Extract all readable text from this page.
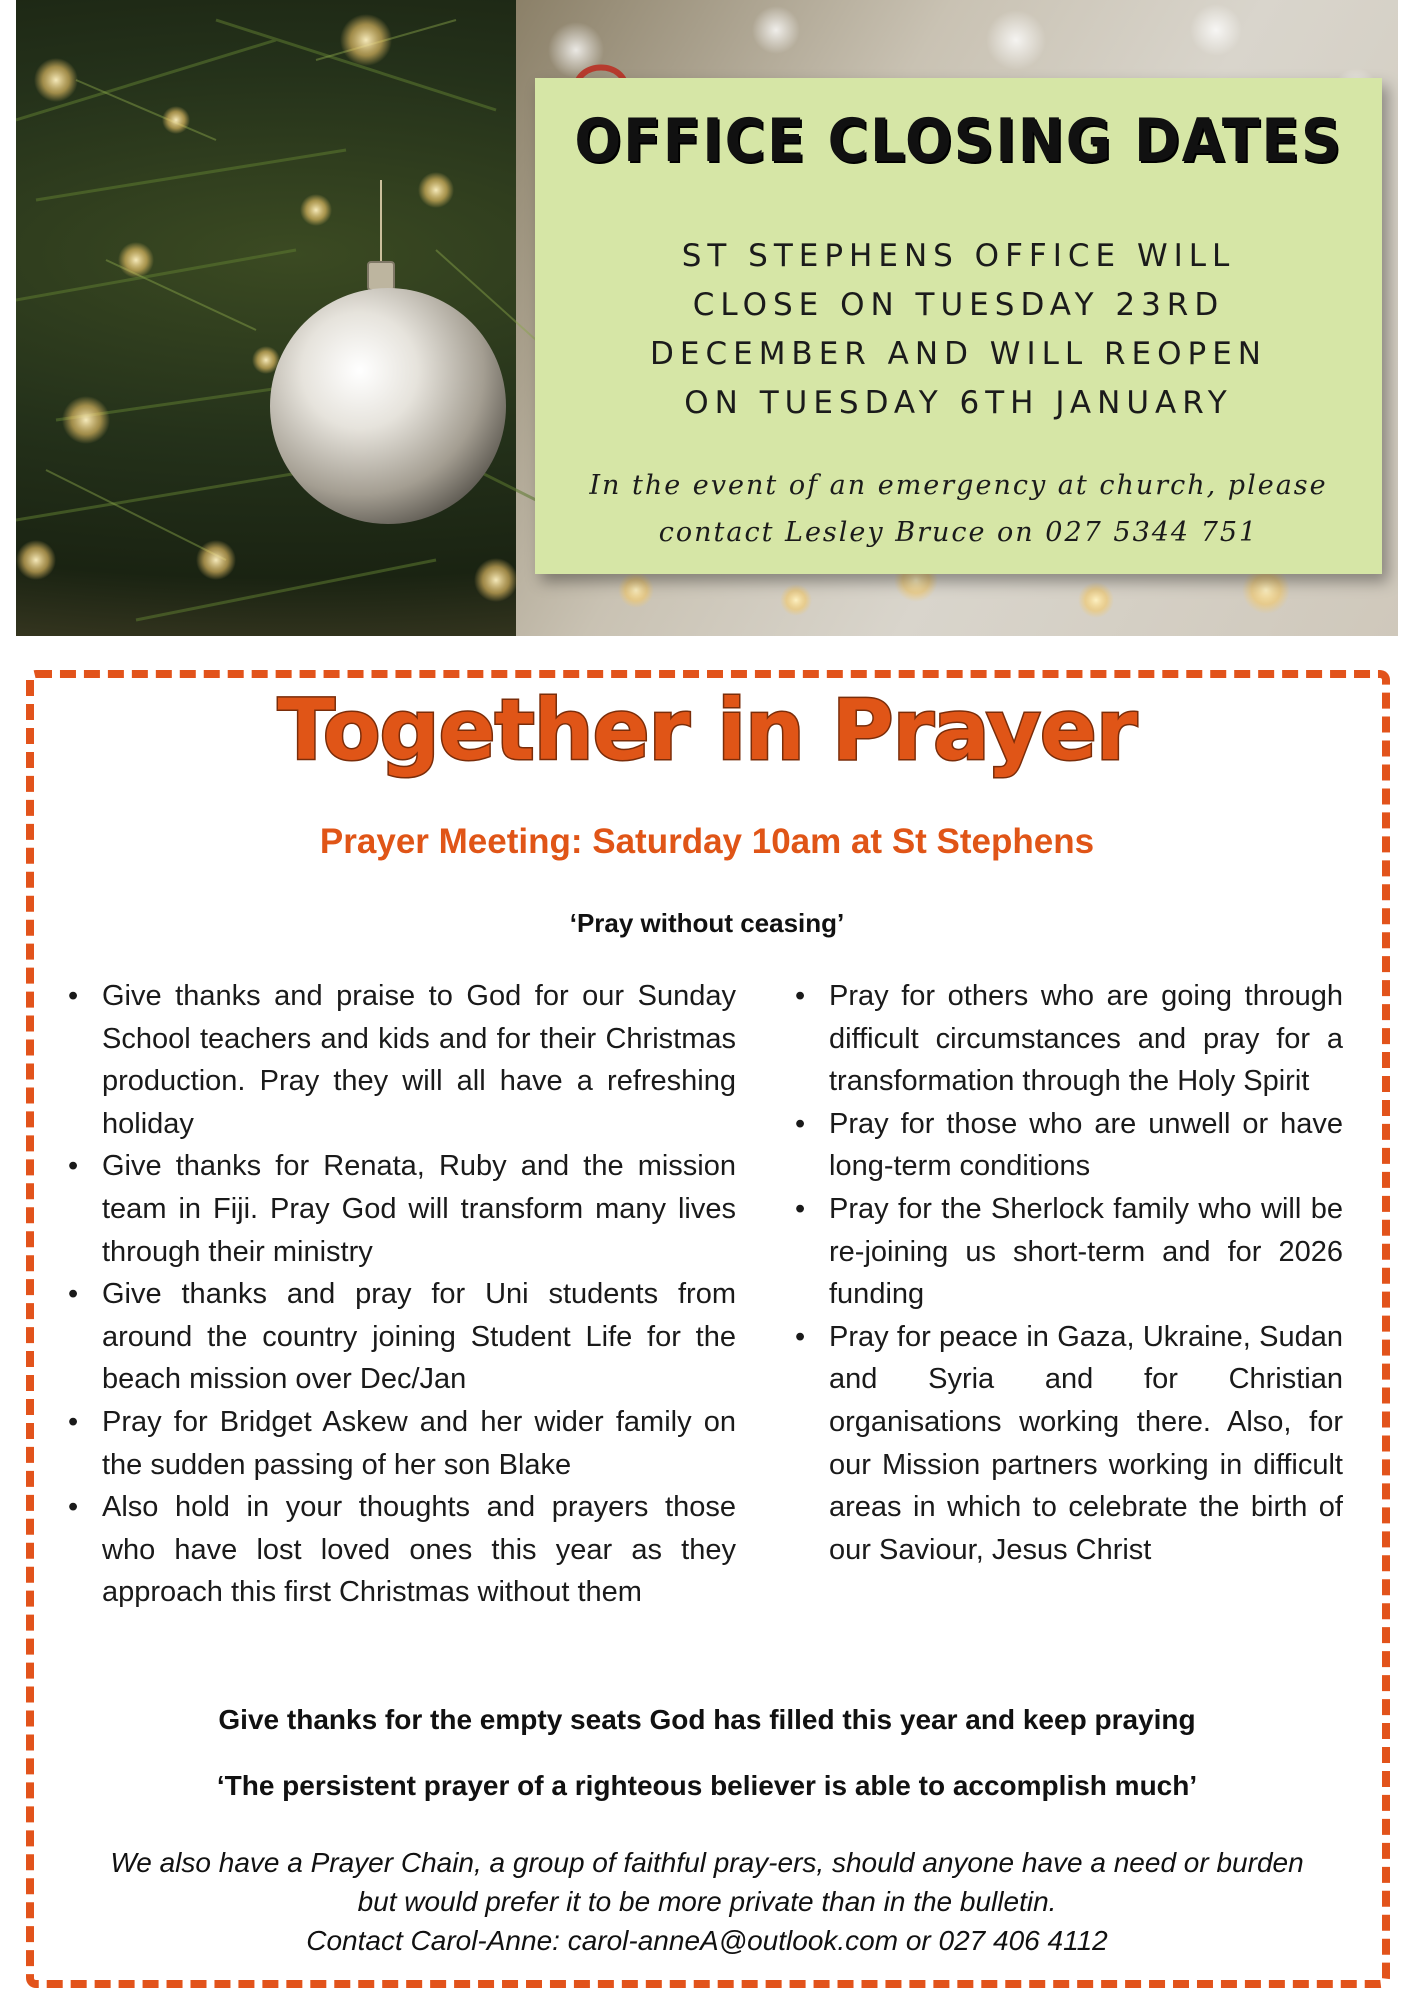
OFFICE CLOSING DATES
ST STEPHENS OFFICE WILL
CLOSE ON TUESDAY 23RD
DECEMBER AND WILL REOPEN
ON TUESDAY 6TH JANUARY
In the event of an emergency at church, please
contact Lesley Bruce on 027 5344 751
Together in Prayer
Prayer Meeting: Saturday 10am at St Stephens
‘Pray without ceasing’
• Give thanks and praise to God for our Sunday School teachers and kids and for their Christmas production. Pray they will all have a refreshing holiday
• Give thanks for Renata, Ruby and the mission team in Fiji. Pray God will transform many lives through their ministry
• Give thanks and pray for Uni students from around the country joining Student Life for the beach mission over Dec/Jan
• Pray for Bridget Askew and her wider family on the sudden passing of her son Blake
• Also hold in your thoughts and prayers those who have lost loved ones this year as they approach this first Christmas without them
• Pray for others who are going through difficult circumstances and pray for a transformation through the Holy Spirit
• Pray for those who are unwell or have long-term conditions
• Pray for the Sherlock family who will be re-joining us short-term and for 2026 funding
• Pray for peace in Gaza, Ukraine, Sudan and Syria and for Christian organisations working there. Also, for our Mission partners working in difficult areas in which to celebrate the birth of our Saviour, Jesus Christ
Give thanks for the empty seats God has filled this year and keep praying
‘The persistent prayer of a righteous believer is able to accomplish much’
We also have a Prayer Chain, a group of faithful pray-ers, should anyone have a need or burden
but would prefer it to be more private than in the bulletin.
Contact Carol-Anne: carol-anneA@outlook.com or 027 406 4112
